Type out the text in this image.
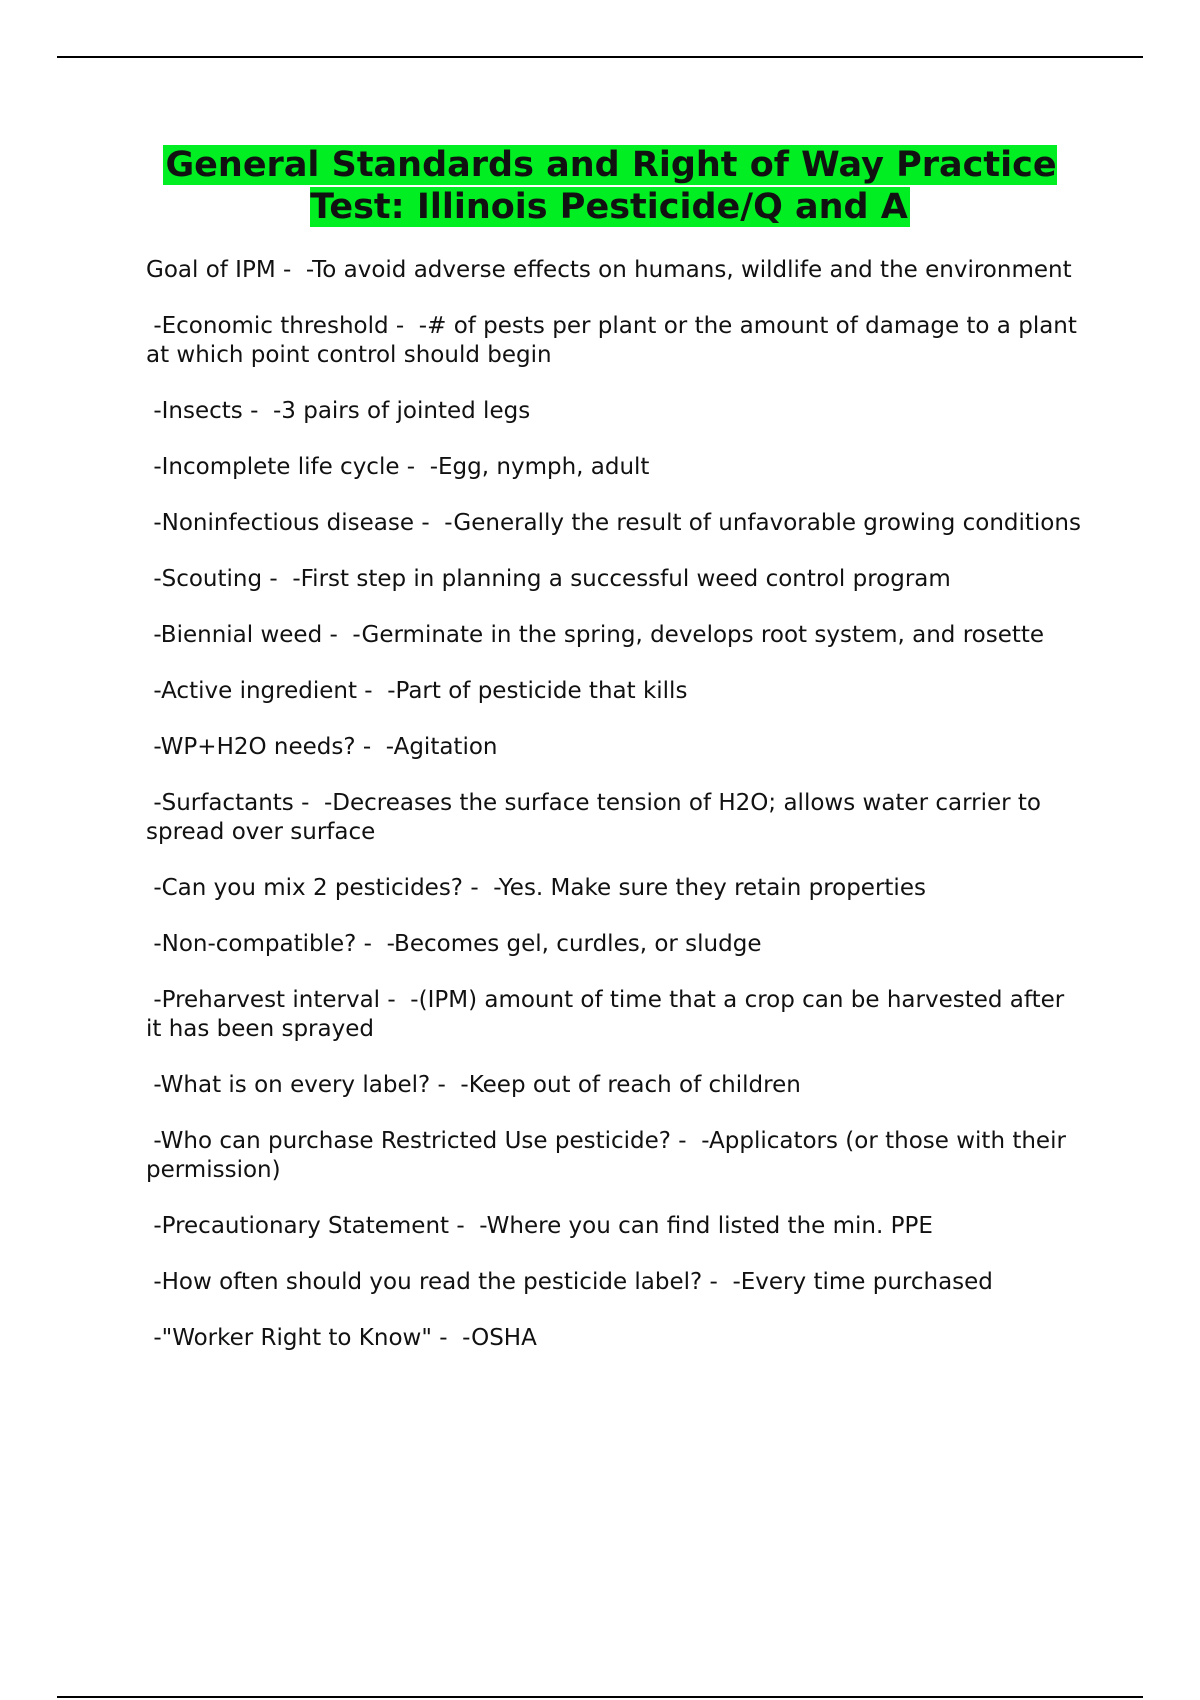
General Standards and Right of Way Practice Test: Illinois Pesticide/Q and A
Goal of IPM -  -To avoid adverse effects on humans, wildlife and the environment
-Economic threshold -  -# of pests per plant or the amount of damage to a plant at which point control should begin
-Insects -  -3 pairs of jointed legs
-Incomplete life cycle -  -Egg, nymph, adult
-Noninfectious disease -  -Generally the result of unfavorable growing conditions
-Scouting -  -First step in planning a successful weed control program
-Biennial weed -  -Germinate in the spring, develops root system, and rosette
-Active ingredient -  -Part of pesticide that kills
-WP+H2O needs? -  -Agitation
-Surfactants -  -Decreases the surface tension of H2O; allows water carrier to spread over surface
-Can you mix 2 pesticides? -  -Yes. Make sure they retain properties
-Non-compatible? -  -Becomes gel, curdles, or sludge
-Preharvest interval -  -(IPM) amount of time that a crop can be harvested after it has been sprayed
-What is on every label? -  -Keep out of reach of children
-Who can purchase Restricted Use pesticide? -  -Applicators (or those with their permission)
-Precautionary Statement -  -Where you can find listed the min. PPE
-How often should you read the pesticide label? -  -Every time purchased
-"Worker Right to Know" -  -OSHA
